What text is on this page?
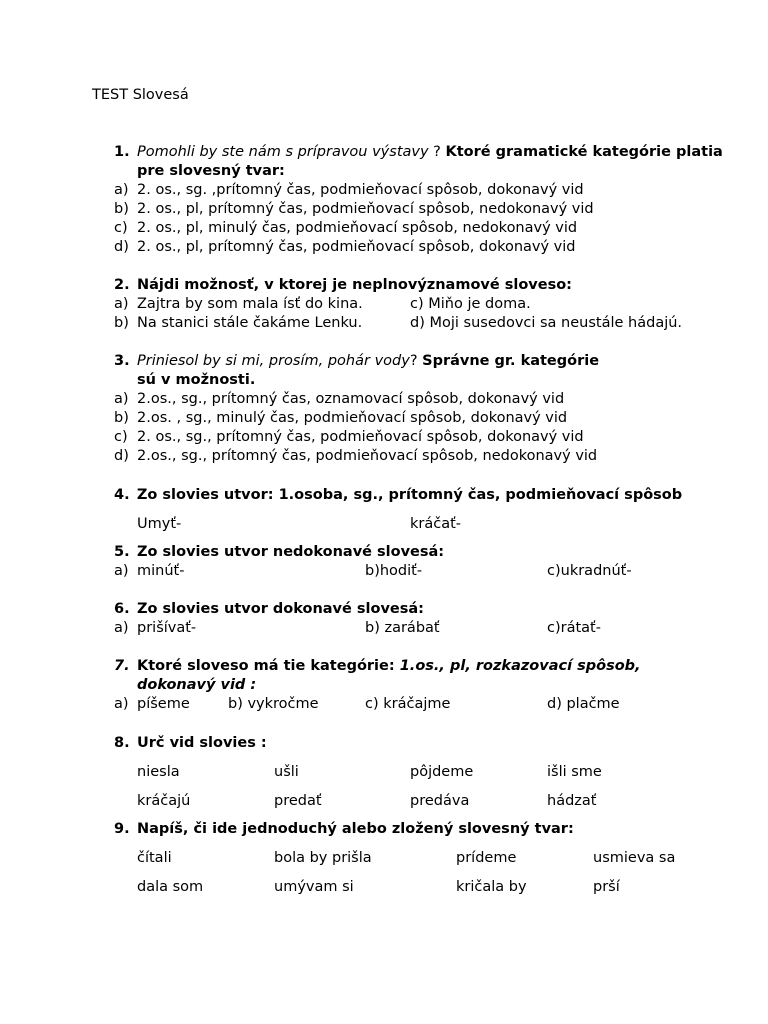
TEST Slovesá
1. Pomohli by ste nám s prípravou výstavy ? Ktoré gramatické kategórie platia pre slovesný tvar:
a) 2. os., sg. ,prítomný čas, podmieňovací spôsob, dokonavý vid
b) 2. os., pl, prítomný čas, podmieňovací spôsob, nedokonavý vid
c) 2. os., pl, minulý čas, podmieňovací spôsob, nedokonavý vid
d) 2. os., pl, prítomný čas, podmieňovací spôsob, dokonavý vid
2. Nájdi možnosť, v ktorej je neplnovýznamové sloveso:
a) Zajtra by som mala ísť do kina.	c) Miňo je doma.
b) Na stanici stále čakáme Lenku.	d) Moji susedovci sa neustále hádajú.
3. Priniesol by si mi, prosím, pohár vody? Správne gr. kategórie sú v možnosti.
a) 2.os., sg., prítomný čas, oznamovací spôsob, dokonavý vid
b) 2.os. , sg., minulý čas, podmieňovací spôsob, dokonavý vid
c) 2. os., sg., prítomný čas, podmieňovací spôsob, dokonavý vid
d) 2.os., sg., prítomný čas, podmieňovací spôsob, nedokonavý vid
4. Zo slovies utvor: 1.osoba, sg., prítomný čas, podmieňovací spôsob
Umyť-	kráčať-
5. Zo slovies utvor nedokonavé slovesá:
a) minúť-	b)hodiť-	c)ukradnúť-
6. Zo slovies utvor dokonavé slovesá:
a) prišívať-	b) zarábať	c)rátať-
7. Ktoré sloveso má tie kategórie: 1.os., pl, rozkazovací spôsob, dokonavý vid :
a) píšeme	b) vykročme	c) kráčajme	d) plačme
8. Urč vid slovies :
niesla	ušli	pôjdeme	išli sme
kráčajú	predať	predáva	hádzať
9. Napíš, či ide jednoduchý alebo zložený slovesný tvar:
čítali	bola by prišla	prídeme	usmieva sa
dala som	umývam si	kričala by	prší
